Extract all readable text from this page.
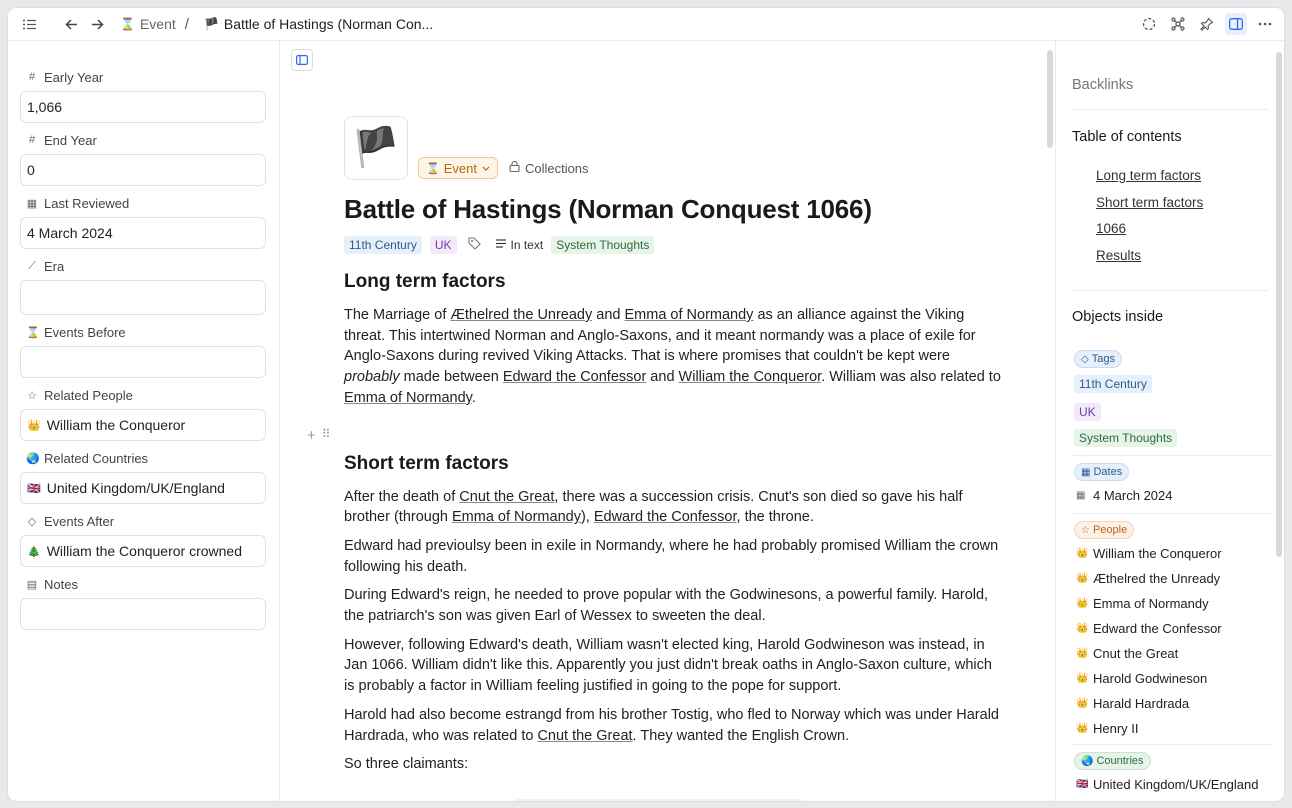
⌛ Event / 🏴 Battle of Hastings (Norman Con...
# Early Year
1,066
# End Year
0
▦ Last Reviewed
4 March 2024
⟋ Era
⌛ Events Before
☆ Related People
👑 William the Conqueror
🌏 Related Countries
🇬🇧 United Kingdom/UK/England
◇ Events After
🎄 William the Conqueror crowned
▤ Notes
🏴	⌛ Event	Collections
Battle of Hastings (Norman Conquest 1066)
11th Century	UK	In text	System Thoughts
Long term factors

The Marriage of Æthelred the Unready and Emma of Normandy as an alliance against the Viking threat. This intertwined Norman and Anglo-Saxons, and it meant normandy was a place of exile for Anglo-Saxons during revived Viking Attacks. That is where promises that couldn't be kept were probably made between Edward the Confessor and William the Conqueror. William was also related to Emma of Normandy.

Short term factors

After the death of Cnut the Great, there was a succession crisis. Cnut's son died so gave his half brother (through Emma of Normandy), Edward the Confessor, the throne.

Edward had previoulsy been in exile in Normandy, where he had probably promised William the crown following his death.

During Edward's reign, he needed to prove popular with the Godwinesons, a powerful family. Harold, the patriarch's son was given Earl of Wessex to sweeten the deal.

However, following Edward's death, William wasn't elected king, Harold Godwineson was instead, in Jan 1066. William didn't like this. Apparently you just didn't break oaths in Anglo-Saxon culture, which is probably a factor in William feeling justified in going to the pope for support.

Harold had also become estrangd from his brother Tostig, who fled to Norway which was under Harald Hardrada, who was related to Cnut the Great. They wanted the English Crown.

So three claimants:

+ ⠿
Backlinks
Table of contents
Long term factors
Short term factors
1066
Results
Objects inside
◇ Tags
11th Century
UK
System Thoughts
▦ Dates
▦ 4 March 2024
☆ People
👑 William the Conqueror
👑 Æthelred the Unready
👑 Emma of Normandy
👑 Edward the Confessor
👑 Cnut the Great
👑 Harold Godwineson
👑 Harald Hardrada
👑 Henry II
🌏 Countries
🇬🇧 United Kingdom/UK/England
